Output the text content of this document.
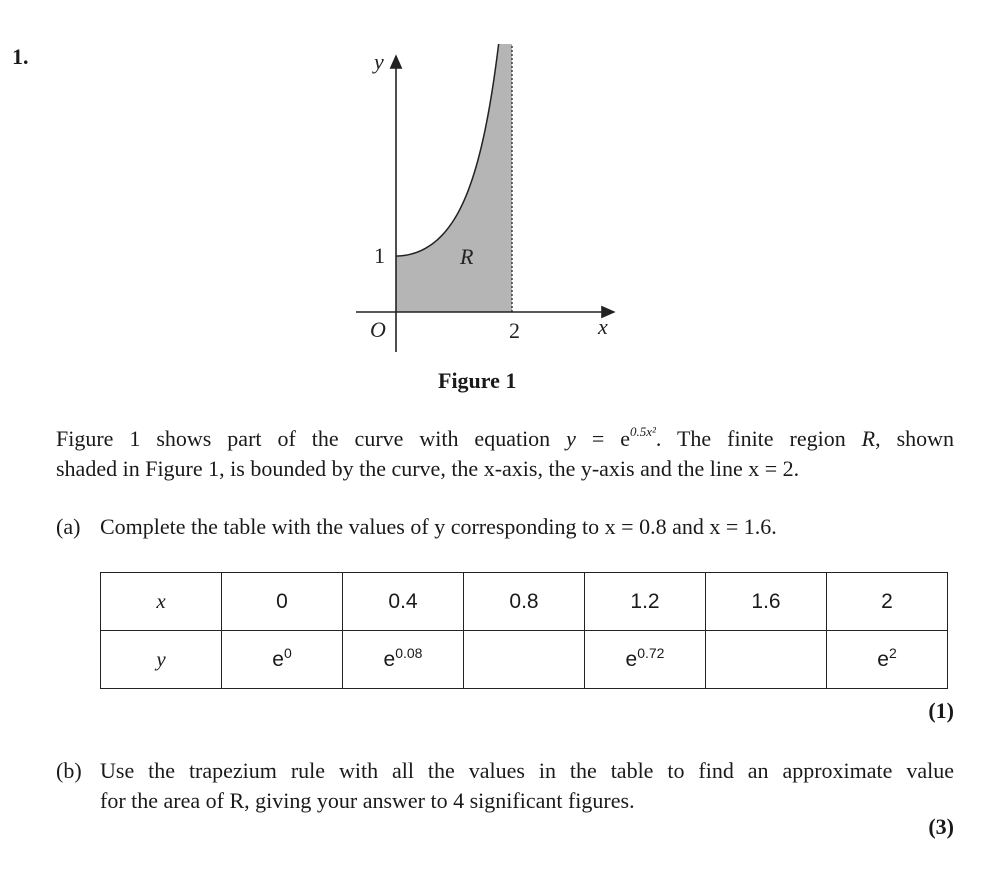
1.	y
x
O
1
2
R
Figure 1
Figure 1 shows part of the curve with equation $y = e^{0.5x^2}$. The finite region R, shown
shaded in Figure 1, is bounded by the curve, the x-axis, the y-axis and the line x = 2.
(a) Complete the table with the values of y corresponding to x = 0.8 and x = 1.6.
x	0	0.4	0.8	1.2	1.6	2
y	$e^0$	$e^{0.08}$		$e^{0.72}$		$e^2$
(1)
(b) Use the trapezium rule with all the values in the table to find an approximate value
for the area of R, giving your answer to 4 significant figures.
(3)
